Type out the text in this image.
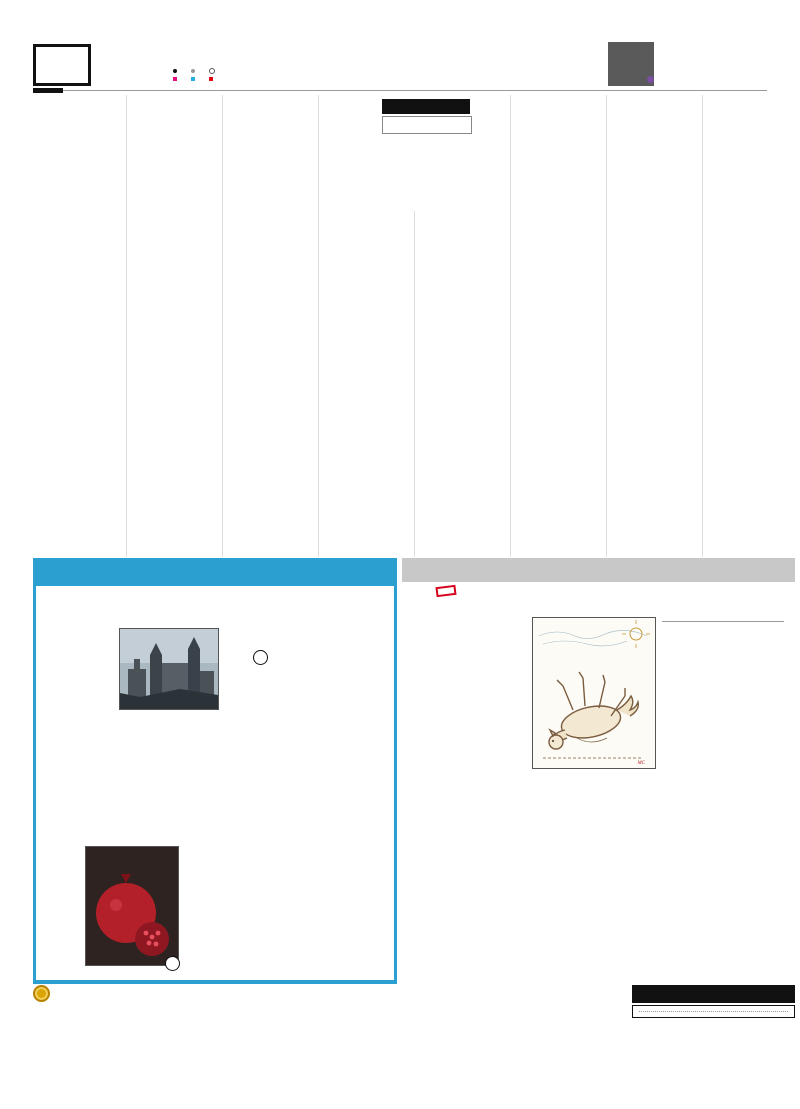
МС
